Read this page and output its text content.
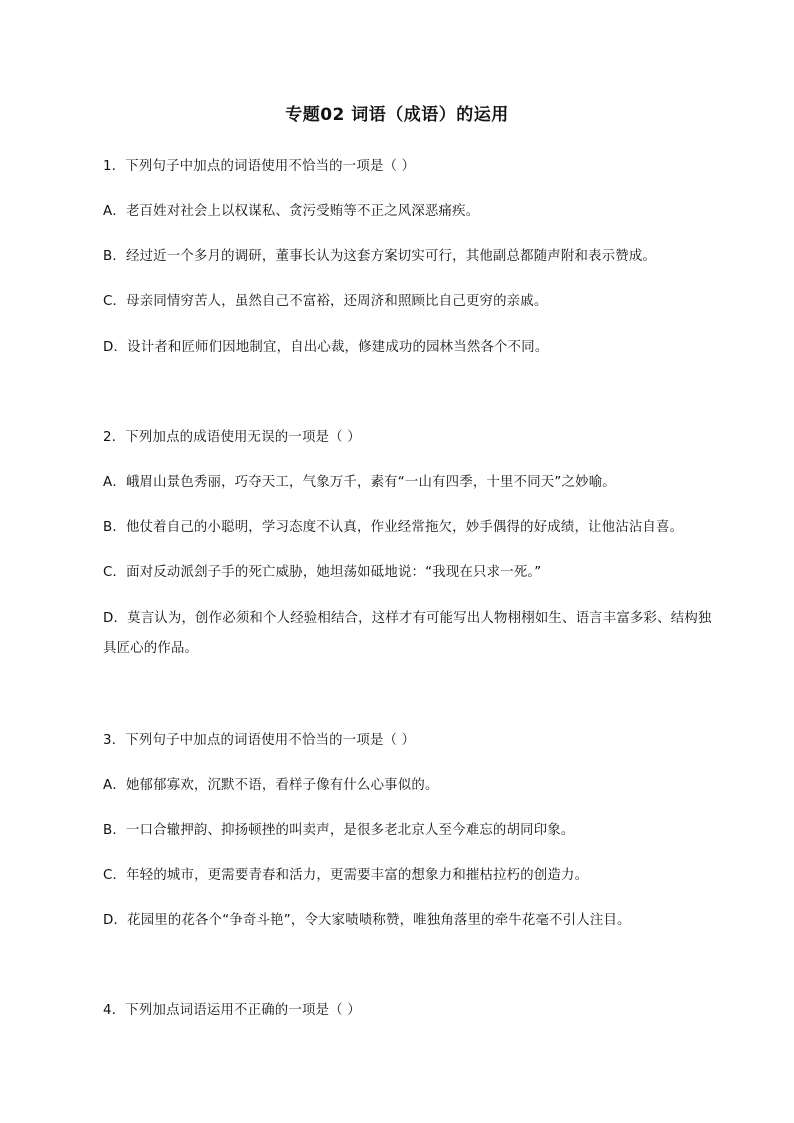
专题02 词语（成语）的运用
1．下列句子中加点的词语使用不恰当的一项是（ ）
A．老百姓对社会上以权谋私、贪污受贿等不正之风深恶痛疾。
B．经过近一个多月的调研，董事长认为这套方案切实可行，其他副总都随声附和表示赞成。
C．母亲同情穷苦人，虽然自己不富裕，还周济和照顾比自己更穷的亲戚。
D．设计者和匠师们因地制宜，自出心裁，修建成功的园林当然各个不同。
2．下列加点的成语使用无误的一项是（ ）
A．峨眉山景色秀丽，巧夺天工，气象万千，素有“一山有四季，十里不同天”之妙喻。
B．他仗着自己的小聪明，学习态度不认真，作业经常拖欠，妙手偶得的好成绩，让他沾沾自喜。
C．面对反动派刽子手的死亡威胁，她坦荡如砥地说：“我现在只求一死。”
D．莫言认为，创作必须和个人经验相结合，这样才有可能写出人物栩栩如生、语言丰富多彩、结构独具匠心的作品。
3．下列句子中加点的词语使用不恰当的一项是（ ）
A．她郁郁寡欢，沉默不语，看样子像有什么心事似的。
B．一口合辙押韵、抑扬顿挫的叫卖声，是很多老北京人至今难忘的胡同印象。
C．年轻的城市，更需要青春和活力，更需要丰富的想象力和摧枯拉朽的创造力。
D．花园里的花各个“争奇斗艳”，令大家啧啧称赞，唯独角落里的牵牛花毫不引人注目。
4．下列加点词语运用不正确的一项是（ ）
